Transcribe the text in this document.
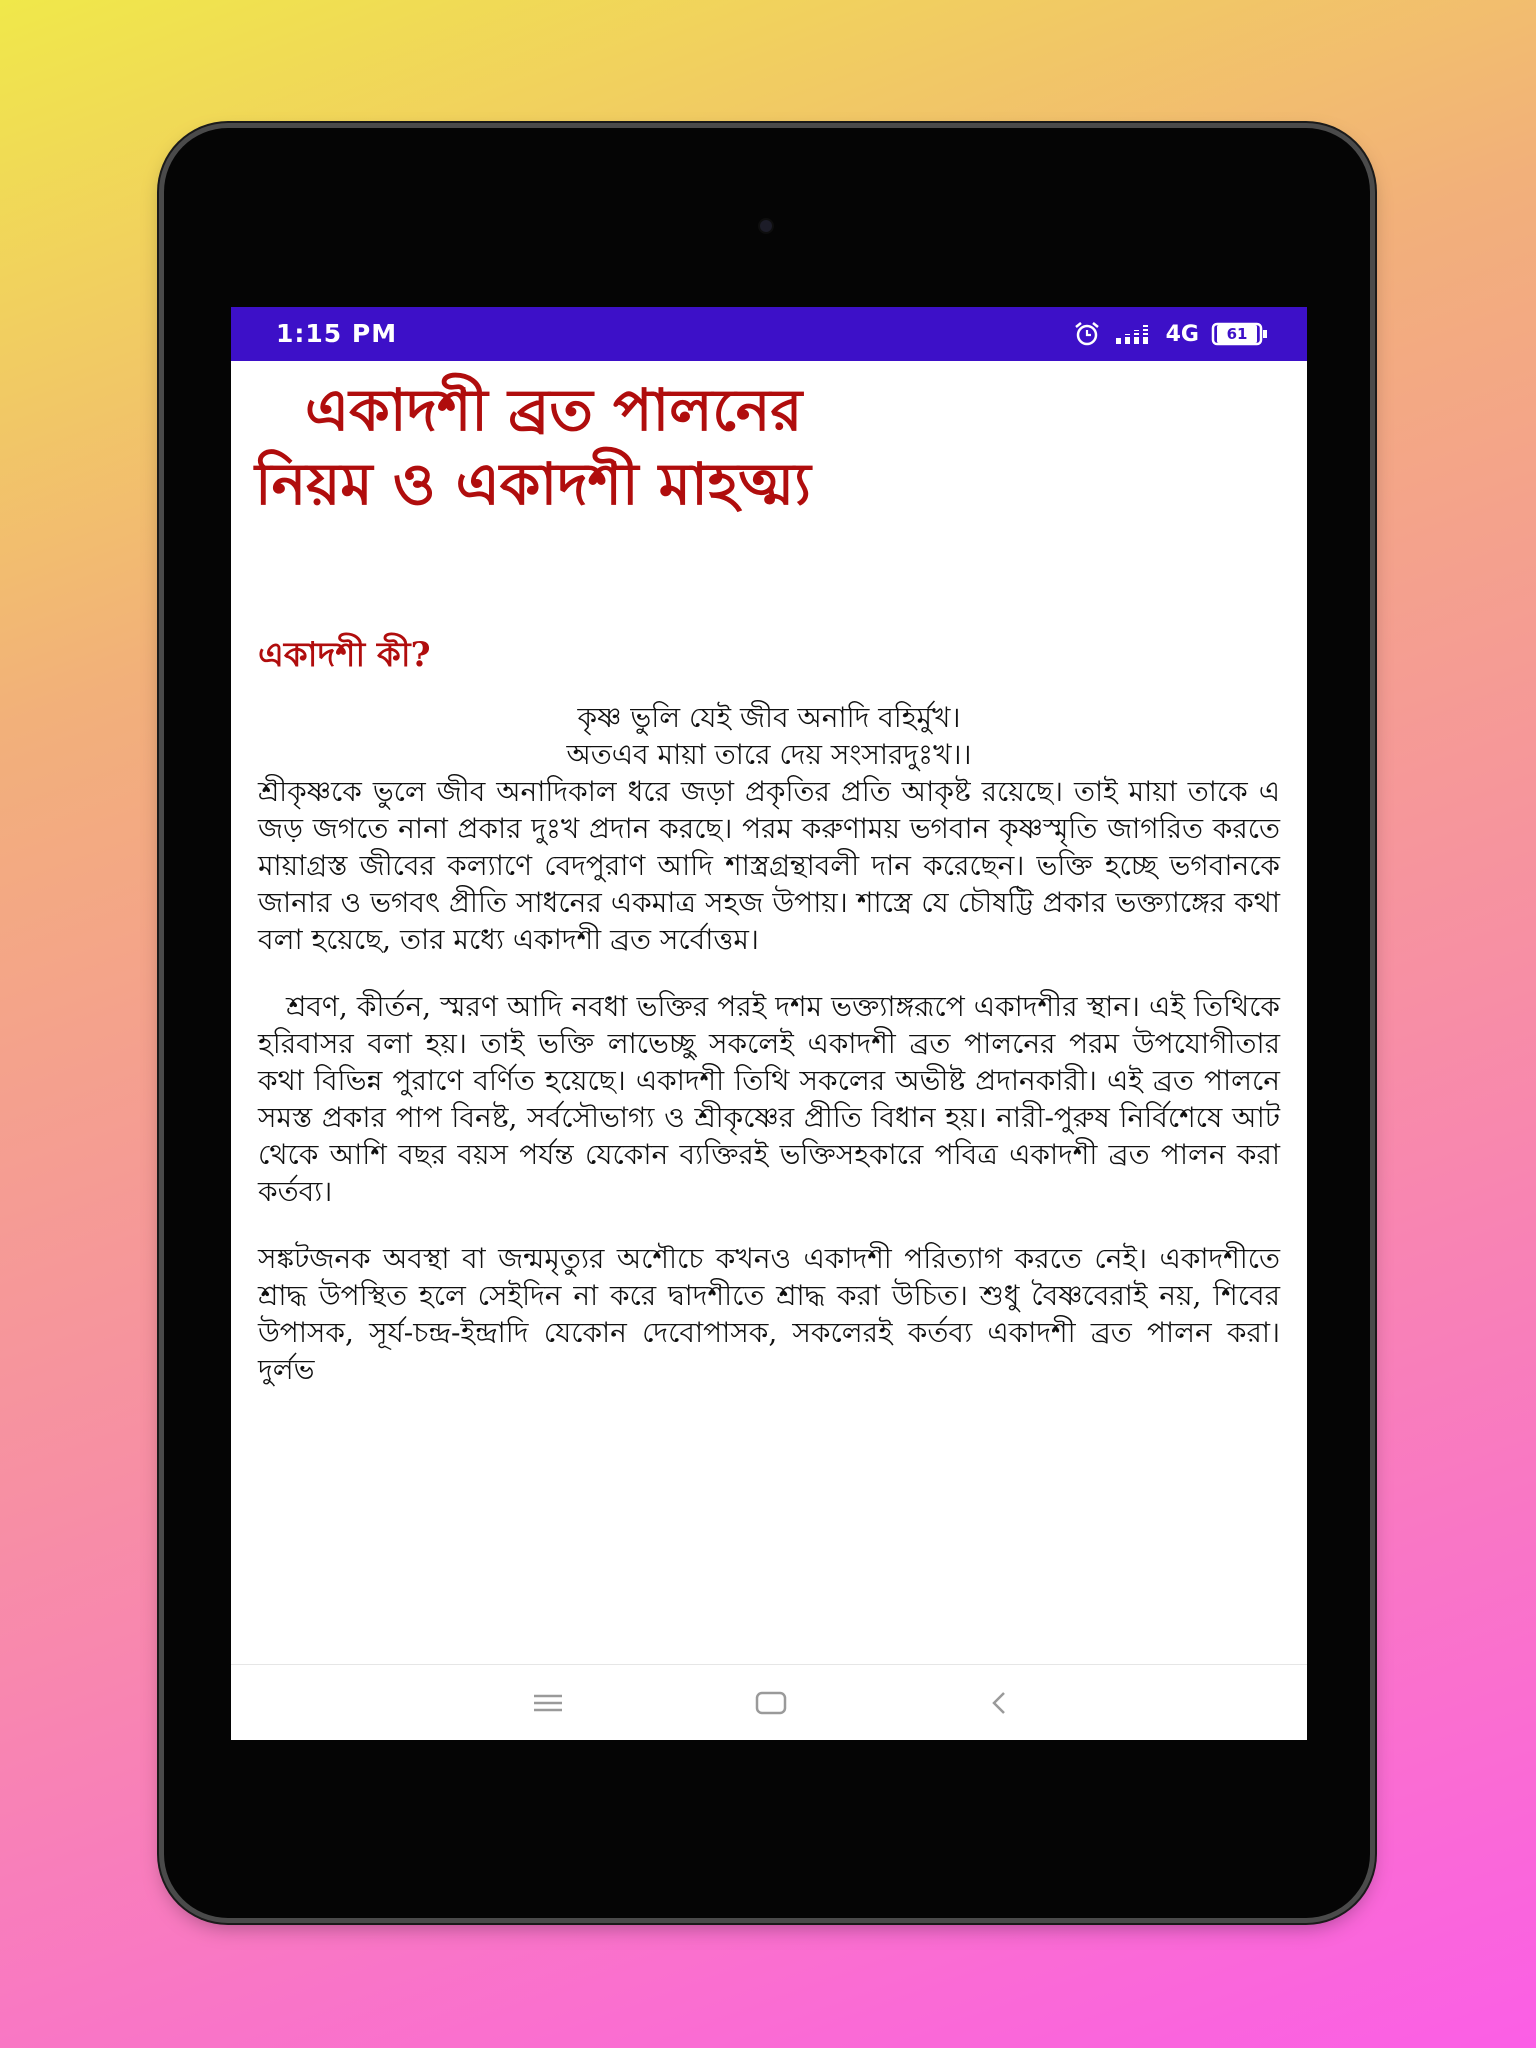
1:15 PM	4G	61
একাদশী ব্রত পালনের
নিয়ম ও একাদশী মাহত্ম্য
একাদশী কী?
কৃষ্ণ ভুলি যেই জীব অনাদি বহির্মুখ।
অতএব মায়া তারে দেয় সংসারদুঃখ।।

শ্রীকৃষ্ণকে ভুলে জীব অনাদিকাল ধরে জড়া প্রকৃতির প্রতি আকৃষ্ট রয়েছে। তাই মায়া তাকে এ জড় জগতে নানা প্রকার দুঃখ প্রদান করছে। পরম করুণাময় ভগবান কৃষ্ণস্মৃতি জাগরিত করতে মায়াগ্রস্ত জীবের কল্যাণে বেদপুরাণ আদি শাস্ত্রগ্রন্থাবলী দান করেছেন। ভক্তি হচ্ছে ভগবানকে জানার ও ভগবৎ প্রীতি সাধনের একমাত্র সহজ উপায়। শাস্ত্রে যে চৌষট্টি প্রকার ভক্ত্যাঙ্গের কথা বলা হয়েছে, তার মধ্যে একাদশী ব্রত সর্বোত্তম।

শ্রবণ, কীর্তন, স্মরণ আদি নবধা ভক্তির পরই দশম ভক্ত্যাঙ্গরূপে একাদশীর স্থান। এই তিথিকে হরিবাসর বলা হয়। তাই ভক্তি লাভেচ্ছু সকলেই একাদশী ব্রত পালনের পরম উপযোগীতার কথা বিভিন্ন পুরাণে বর্ণিত হয়েছে। একাদশী তিথি সকলের অভীষ্ট প্রদানকারী। এই ব্রত পালনে সমস্ত প্রকার পাপ বিনষ্ট, সর্বসৌভাগ্য ও শ্রীকৃষ্ণের প্রীতি বিধান হয়। নারী-পুরুষ নির্বিশেষে আট থেকে আশি বছর বয়স পর্যন্ত যেকোন ব্যক্তিরই ভক্তিসহকারে পবিত্র একাদশী ব্রত পালন করা কর্তব্য।

সঙ্কটজনক অবস্থা বা জন্মমৃত্যুর অশৌচে কখনও একাদশী পরিত্যাগ করতে নেই। একাদশীতে শ্রাদ্ধ উপস্থিত হলে সেইদিন না করে দ্বাদশীতে শ্রাদ্ধ করা উচিত। শুধু বৈষ্ণবেরাই নয়, শিবের উপাসক, সূর্য-চন্দ্র-ইন্দ্রাদি যেকোন দেবোপাসক, সকলেরই কর্তব্য একাদশী ব্রত পালন করা। দুর্লভ
